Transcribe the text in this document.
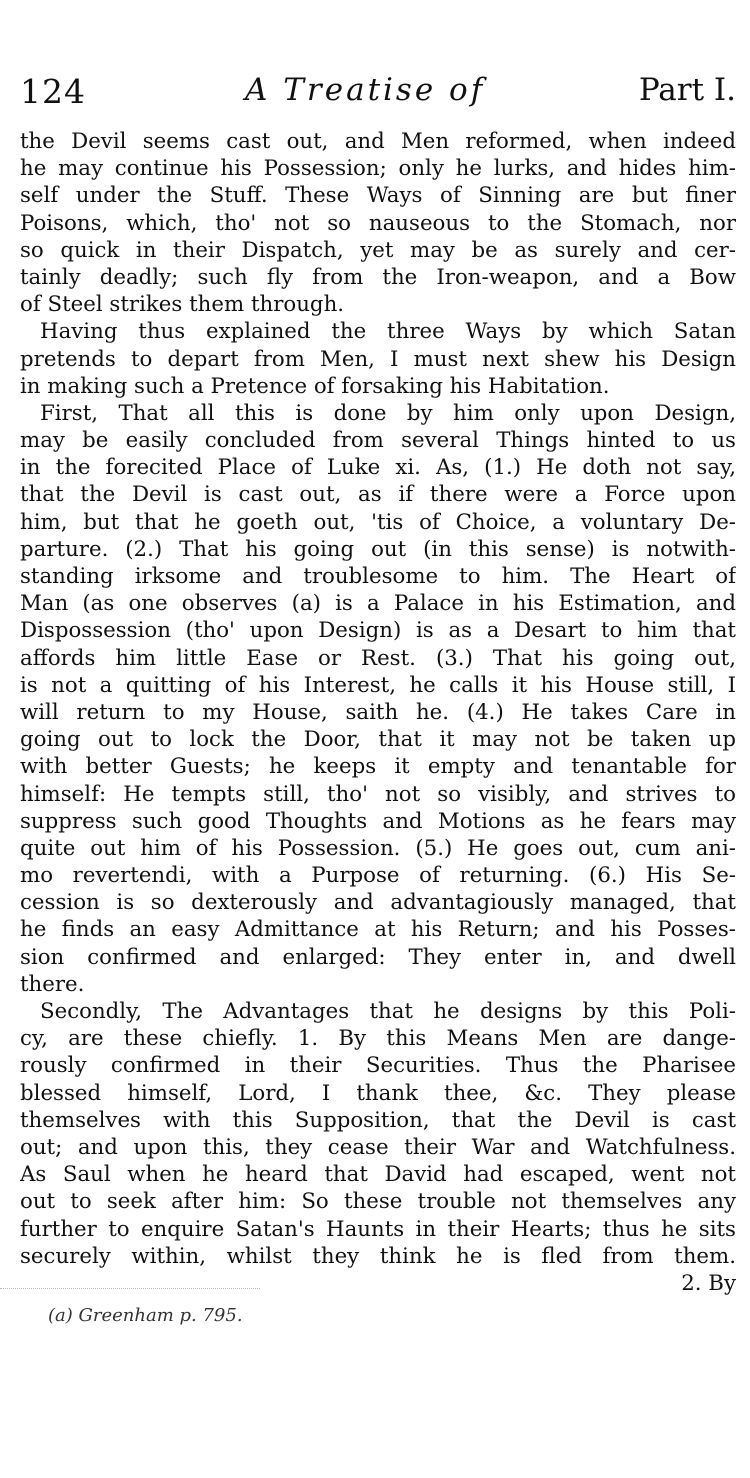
124	A Treatise of	Part I.
the Devil seems cast out, and Men reformed, when indeed
he may continue his Possession; only he lurks, and hides him-
self under the Stuff. These Ways of Sinning are but finer
Poisons, which, tho' not so nauseous to the Stomach, nor
so quick in their Dispatch, yet may be as surely and cer-
tainly deadly; such fly from the Iron-weapon, and a Bow
of Steel strikes them through.
Having thus explained the three Ways by which Satan
pretends to depart from Men, I must next shew his Design
in making such a Pretence of forsaking his Habitation.
First, That all this is done by him only upon Design,
may be easily concluded from several Things hinted to us
in the forecited Place of Luke xi. As, (1.) He doth not say,
that the Devil is cast out, as if there were a Force upon
him, but that he goeth out, 'tis of Choice, a voluntary De-
parture. (2.) That his going out (in this sense) is notwith-
standing irksome and troublesome to him. The Heart of
Man (as one observes (a) is a Palace in his Estimation, and
Dispossession (tho' upon Design) is as a Desart to him that
affords him little Ease or Rest. (3.) That his going out,
is not a quitting of his Interest, he calls it his House still, I
will return to my House, saith he. (4.) He takes Care in
going out to lock the Door, that it may not be taken up
with better Guests; he keeps it empty and tenantable for
himself: He tempts still, tho' not so visibly, and strives to
suppress such good Thoughts and Motions as he fears may
quite out him of his Possession. (5.) He goes out, cum ani-
mo revertendi, with a Purpose of returning. (6.) His Se-
cession is so dexterously and advantagiously managed, that
he finds an easy Admittance at his Return; and his Posses-
sion confirmed and enlarged: They enter in, and dwell
there.
Secondly, The Advantages that he designs by this Poli-
cy, are these chiefly. 1. By this Means Men are dange-
rously confirmed in their Securities. Thus the Pharisee
blessed himself, Lord, I thank thee, &c. They please
themselves with this Supposition, that the Devil is cast
out; and upon this, they cease their War and Watchfulness.
As Saul when he heard that David had escaped, went not
out to seek after him: So these trouble not themselves any
further to enquire Satan's Haunts in their Hearts; thus he sits
securely within, whilst they think he is fled from them.
2. By
(a) Greenham p. 795.
